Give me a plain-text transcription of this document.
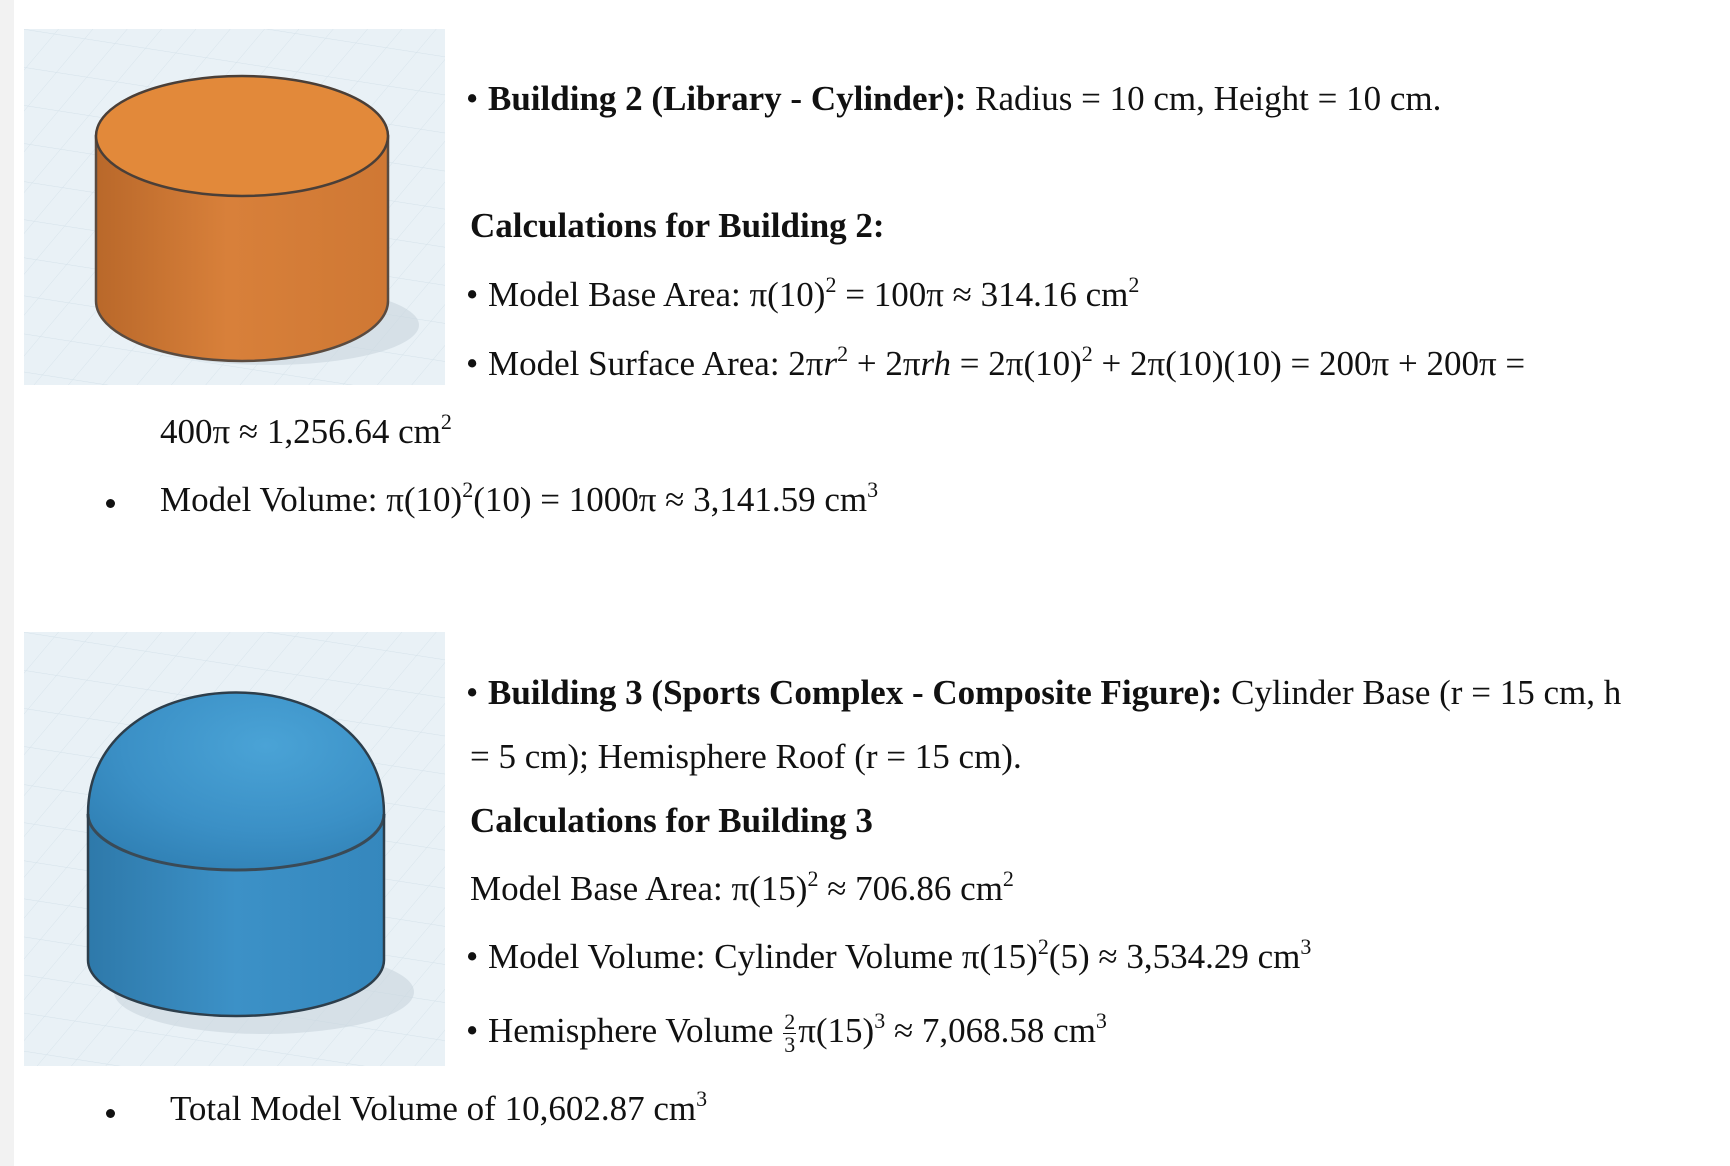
• Building 2 (Library - Cylinder): Radius = 10 cm, Height = 10 cm.
Calculations for Building 2:
• Model Base Area: $\pi(10)^2 = 100\pi \approx 314.16$ $cm^2$
• Model Surface Area: $2\pi r^2 + 2\pi rh = 2\pi(10)^2 + 2\pi(10)(10) = 200\pi + 200\pi$ =
400π ≈ 1,256.64 $cm^2$
Model Volume: $\pi(10)^2(10) = 1000\pi \approx 3,141.59$ $cm^3$
• Building 3 (Sports Complex - Composite Figure): Cylinder Base (r = 15 cm, h
= 5 cm); Hemisphere Roof (r = 15 cm).
Calculations for Building 3
Model Base Area: $\pi(15)^2 \approx 706.86$ $cm^2$
• Model Volume: Cylinder Volume $\pi(15)^2(5) \approx 3,534.29$ $cm^3$
• Hemisphere Volume $\frac{2}{3} \pi(15)^3 \approx 7,068.58$ $cm^3$
Total Model Volume of 10,602.87 $cm^3$
